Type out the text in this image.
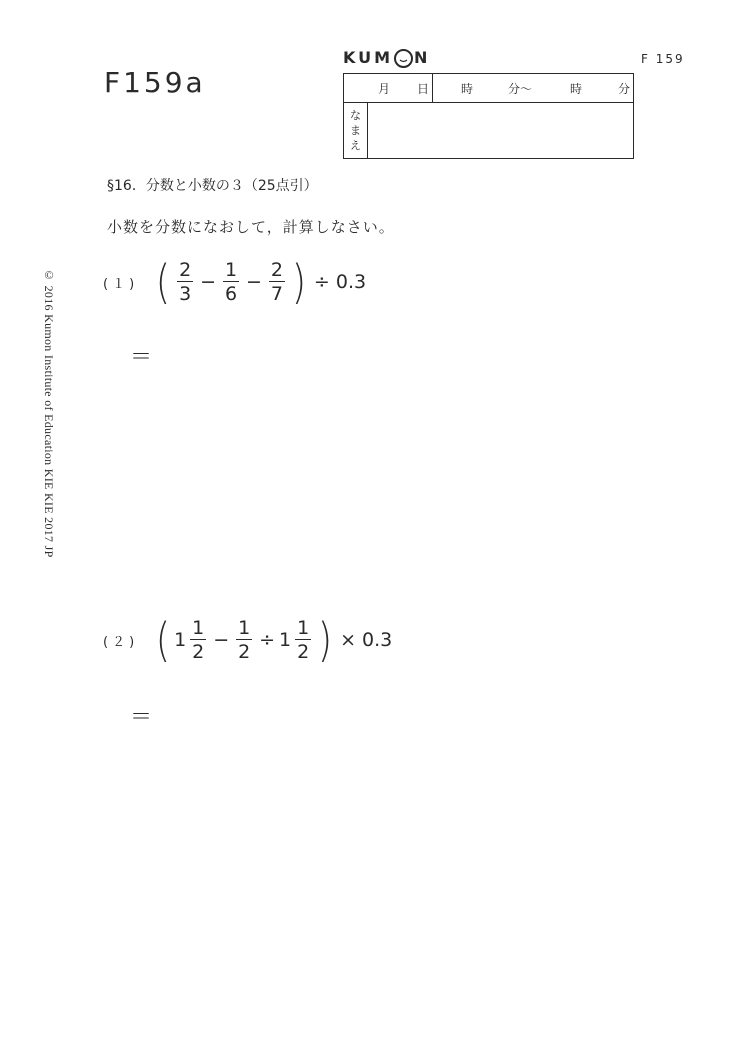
F159a
KUM N	F 159
月 日	時	分〜	時	分
な
ま
え
§16．分数と小数の３（25点引）
小数を分数になおして，計算しなさい。
(１) ( $\frac{2}{3} - \frac{1}{6} - \frac{2}{7}$ ) ÷ 0.3
＝
(２) ( $1 \frac{1}{2} - \frac{1}{2} \div 1 \frac{1}{2}$ ) × 0.3
＝
© 2016 Kumon Institute of Education KIE KIE 2017 JP
